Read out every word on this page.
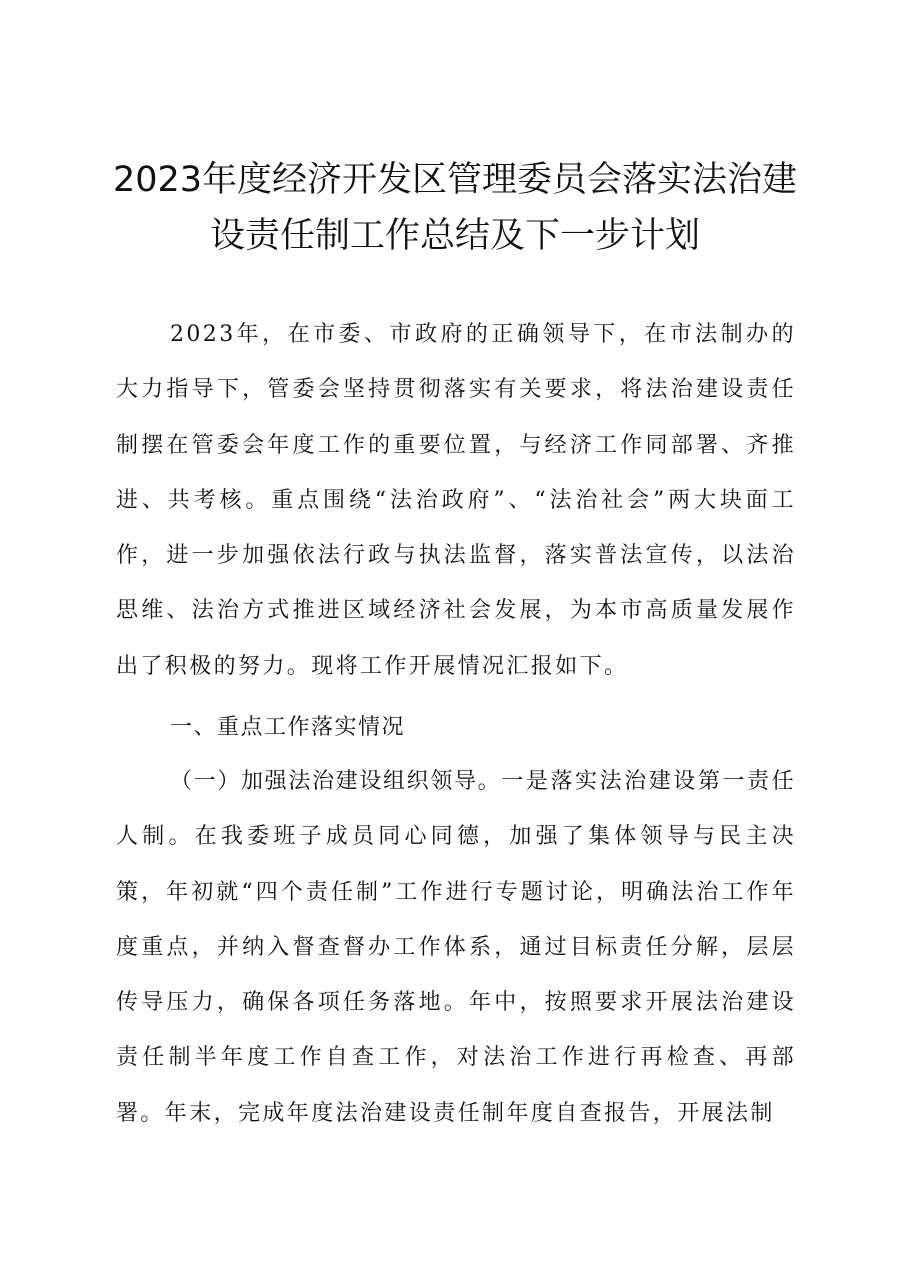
2023年度经济开发区管理委员会落实法治建
设责任制工作总结及下一步计划

2023年，在市委、市政府的正确领导下，在市法制办的大力指导下，管委会坚持贯彻落实有关要求，将法治建设责任制摆在管委会年度工作的重要位置，与经济工作同部署、齐推进、共考核。重点围绕“法治政府”、“法治社会”两大块面工作，进一步加强依法行政与执法监督，落实普法宣传，以法治思维、法治方式推进区域经济社会发展，为本市高质量发展作出了积极的努力。现将工作开展情况汇报如下。

一、重点工作落实情况

（一）加强法治建设组织领导。一是落实法治建设第一责任人制。在我委班子成员同心同德，加强了集体领导与民主决策，年初就“四个责任制”工作进行专题讨论，明确法治工作年度重点，并纳入督查督办工作体系，通过目标责任分解，层层传导压力，确保各项任务落地。年中，按照要求开展法治建设责任制半年度工作自查工作，对法治工作进行再检查、再部署。年末，完成年度法治建设责任制年度自查报告，开展法制
